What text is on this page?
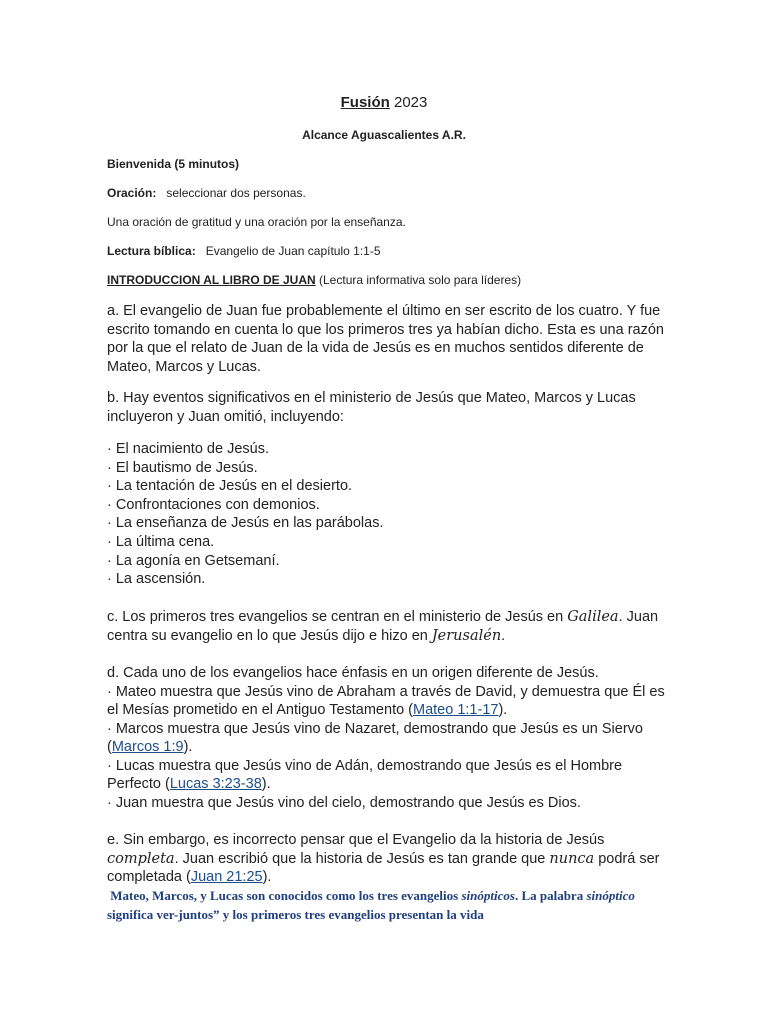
Fusión 2023
Alcance Aguascalientes A.R.
Bienvenida (5 minutos)
Oración: seleccionar dos personas.
Una oración de gratitud y una oración por la enseñanza.
Lectura bíblica: Evangelio de Juan capítulo 1:1-5
INTRODUCCION AL LIBRO DE JUAN (Lectura informativa solo para líderes)
a. El evangelio de Juan fue probablemente el último en ser escrito de los cuatro. Y fue escrito tomando en cuenta lo que los primeros tres ya habían dicho. Esta es una razón por la que el relato de Juan de la vida de Jesús es en muchos sentidos diferente de Mateo, Marcos y Lucas.
b. Hay eventos significativos en el ministerio de Jesús que Mateo, Marcos y Lucas incluyeron y Juan omitió, incluyendo:
· El nacimiento de Jesús.
· El bautismo de Jesús.
· La tentación de Jesús en el desierto.
· Confrontaciones con demonios.
· La enseñanza de Jesús en las parábolas.
· La última cena.
· La agonía en Getsemaní.
· La ascensión.
c. Los primeros tres evangelios se centran en el ministerio de Jesús en Galilea. Juan centra su evangelio en lo que Jesús dijo e hizo en Jerusalén.
d. Cada uno de los evangelios hace énfasis en un origen diferente de Jesús.
· Mateo muestra que Jesús vino de Abraham a través de David, y demuestra que Él es el Mesías prometido en el Antiguo Testamento (Mateo 1:1-17).
· Marcos muestra que Jesús vino de Nazaret, demostrando que Jesús es un Siervo (Marcos 1:9).
· Lucas muestra que Jesús vino de Adán, demostrando que Jesús es el Hombre Perfecto (Lucas 3:23-38).
· Juan muestra que Jesús vino del cielo, demostrando que Jesús es Dios.
e. Sin embargo, es incorrecto pensar que el Evangelio da la historia de Jesús completa. Juan escribió que la historia de Jesús es tan grande que nunca podrá ser completada (Juan 21:25).
Mateo, Marcos, y Lucas son conocidos como los tres evangelios sinópticos. La palabra sinóptico significa ver-juntos” y los primeros tres evangelios presentan la vida
